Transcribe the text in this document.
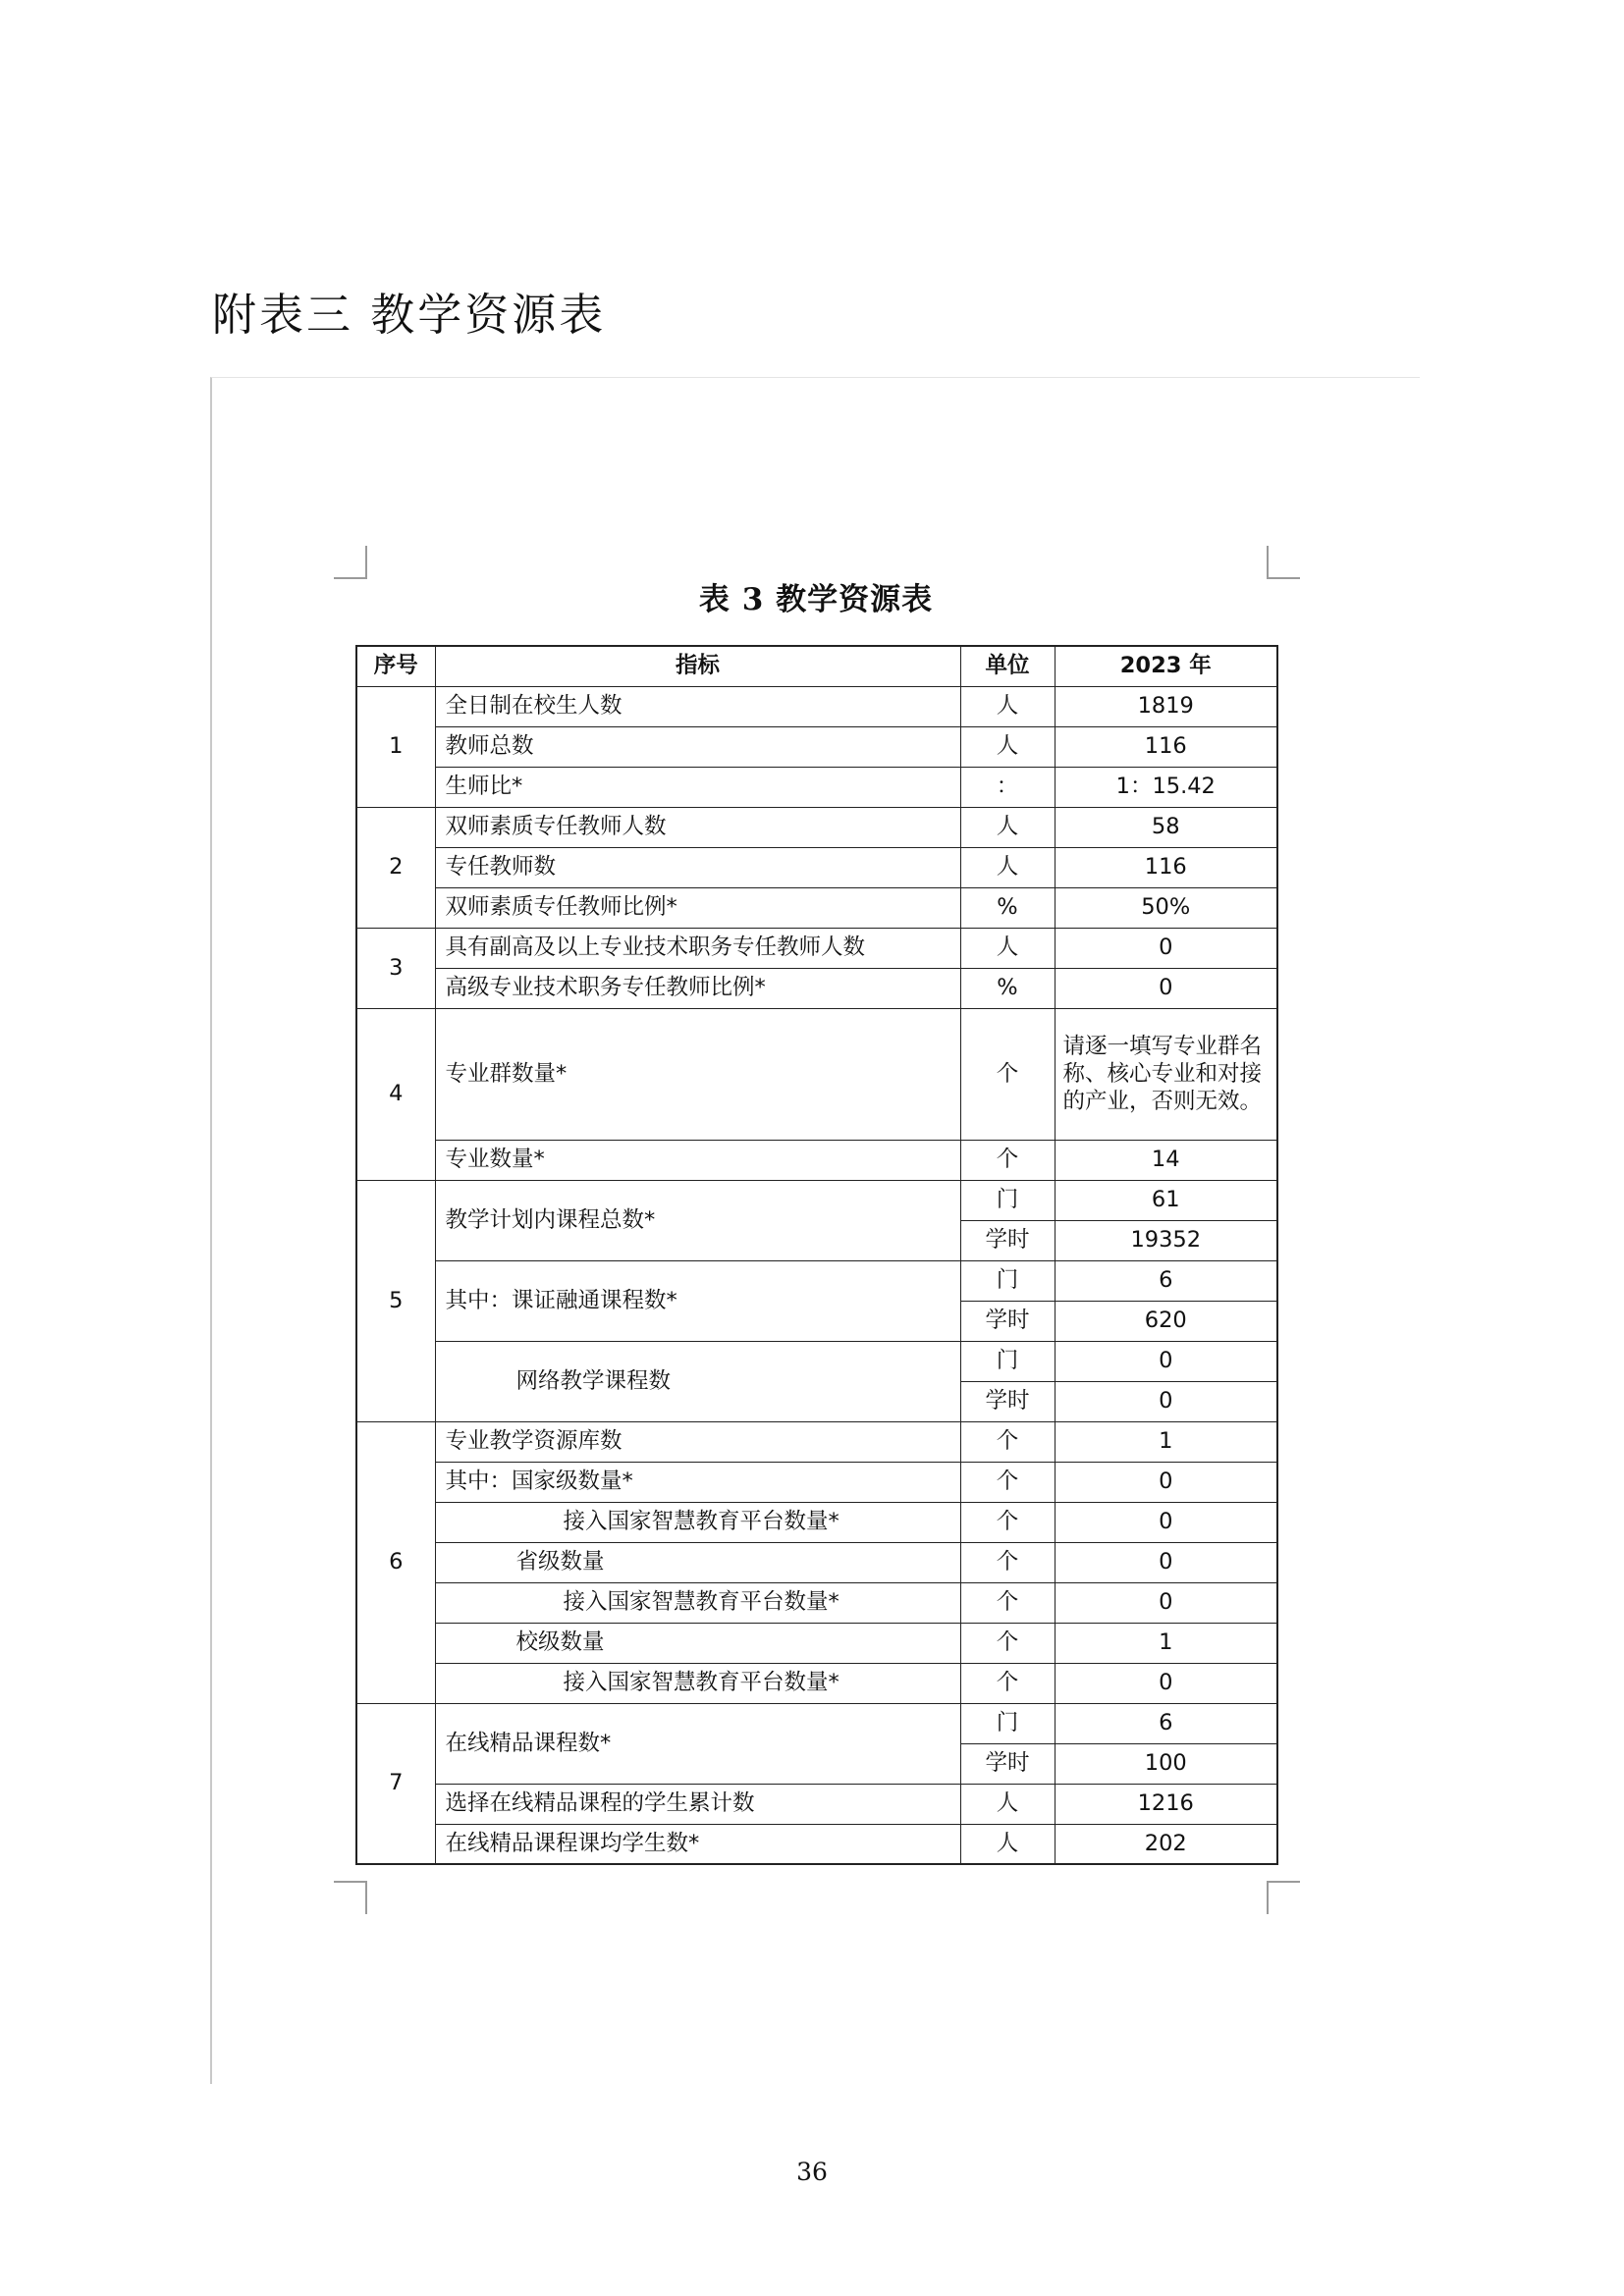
附表三 教学资源表
表 3 教学资源表
序号	指标	单位	2023 年
1	全日制在校生人数	人	1819
	教师总数	人	116
	生师比*	：	1：15.42
2	双师素质专任教师人数	人	58
	专任教师数	人	116
	双师素质专任教师比例*	%	50%
3	具有副高及以上专业技术职务专任教师人数	人	0
	高级专业技术职务专任教师比例*	%	0
4	专业群数量*	个	请逐一填写专业群名称、核心专业和对接的产业，否则无效。
	专业数量*	个	14
5	教学计划内课程总数*	门	61
		学时	19352
	其中：课证融通课程数*	门	6
		学时	620
	网络教学课程数	门	0
		学时	0
6	专业教学资源库数	个	1
	其中：国家级数量*	个	0
	接入国家智慧教育平台数量*	个	0
	省级数量	个	0
	接入国家智慧教育平台数量*	个	0
	校级数量	个	1
	接入国家智慧教育平台数量*	个	0
7	在线精品课程数*	门	6
		学时	100
	选择在线精品课程的学生累计数	人	1216
	在线精品课程课均学生数*	人	202
36
